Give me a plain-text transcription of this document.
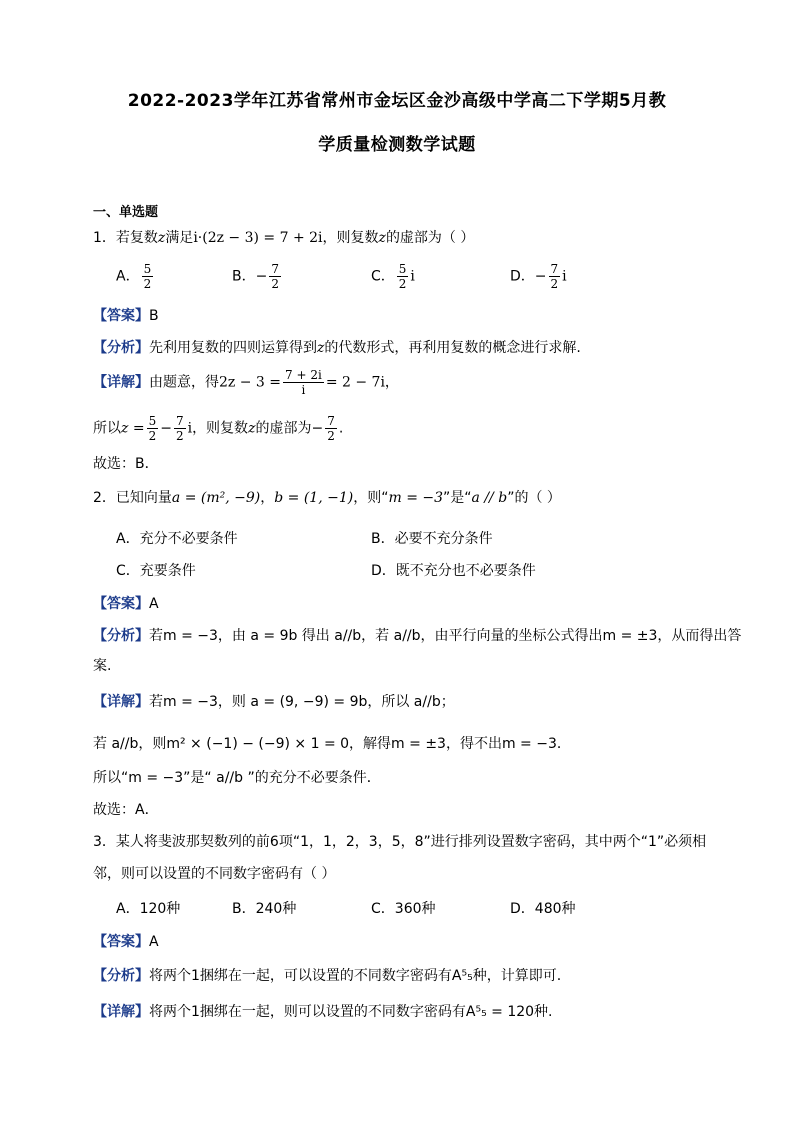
2022-2023学年江苏省常州市金坛区金沙高级中学高二下学期5月教
学质量检测数学试题
一、单选题
1．若复数z满足i·(2z − 3) = 7 + 2i，则复数z的虚部为（ ）
A． $\frac{5}{2}$	B．− $\frac{7}{2}$	C． $\frac{5}{2}$ i	D．− $\frac{7}{2}$ i
【答案】B
【分析】先利用复数的四则运算得到z的代数形式，再利用复数的概念进行求解.
【详解】由题意，得$2z - 3 = \frac{7 + 2i}{i} = 2 - 7i$，
所以$z = \frac{5}{2} - \frac{7}{2}$ i，则复数z的虚部为− $\frac{7}{2}$ .
故选：B．
2．已知向量a = (m², −9)，b = (1, −1)，则“m = −3”是“a // b”的（ ）
A．充分不必要条件	B．必要不充分条件
C．充要条件	D．既不充分也不必要条件
【答案】A
【分析】若m = −3，由 a = 9b 得出 a//b，若 a//b，由平行向量的坐标公式得出m = ±3，从而得出答
案.
【详解】若m = −3，则 a = (9, −9) = 9b，所以 a//b；
若 a//b，则m² × (−1) − (−9) × 1 = 0，解得m = ±3，得不出m = −3．
所以“m = −3”是“ a//b ”的充分不必要条件．
故选：A．
3．某人将斐波那契数列的前6项“1，1，2，3，5，8”进行排列设置数字密码，其中两个“1”必须相
邻，则可以设置的不同数字密码有（ ）
A．120种	B．240种	C．360种	D．480种
【答案】A
【分析】将两个1捆绑在一起，可以设置的不同数字密码有A⁵₅种，计算即可.
【详解】将两个1捆绑在一起，则可以设置的不同数字密码有A⁵₅ = 120种.
